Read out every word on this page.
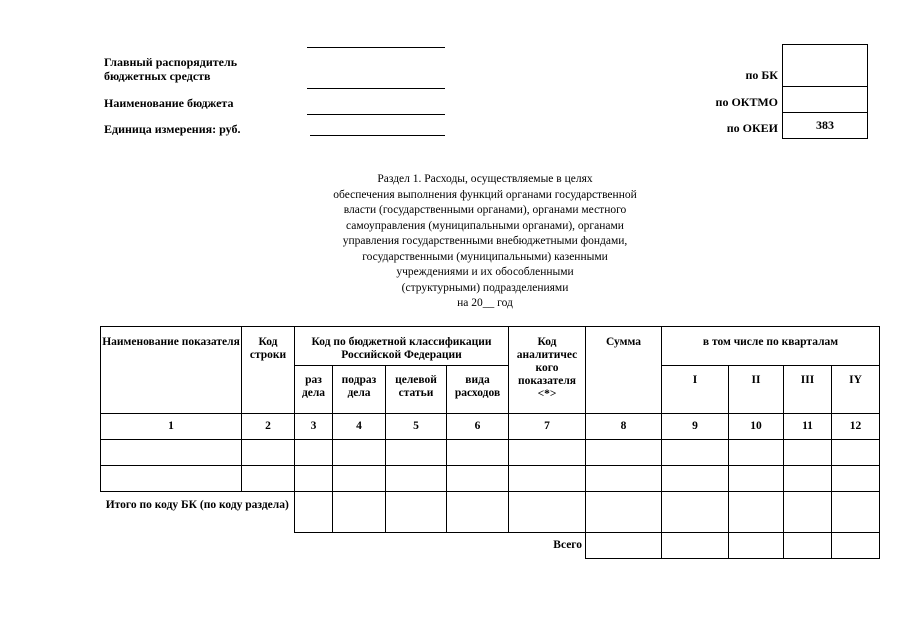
Главный распорядитель
бюджетных средств
Наименование бюджета
Единица измерения: руб.
по БК
по ОКТМО
по ОКЕИ	383
Раздел 1. Расходы, осуществляемые в целях
обеспечения выполнения функций органами государственной
власти (государственными органами), органами местного
самоуправления (муниципальными органами), органами
управления государственными внебюджетными фондами,
государственными (муниципальными) казенными
учреждениями и их обособленными
(структурными) подразделениями
на 20__ год
Наименование показателя	Код строки	Код по бюджетной классификации Российской Федерации				Код аналитичес кого показателя <*>	Сумма	в том числе по кварталам			
		раз дела	подраз дела	целевой статьи	вида расходов			I	II	III	IY
1	2	3	4	5	6	7	8	9	10	11	12

Итого по коду БК (по коду раздела)											
Всего											
